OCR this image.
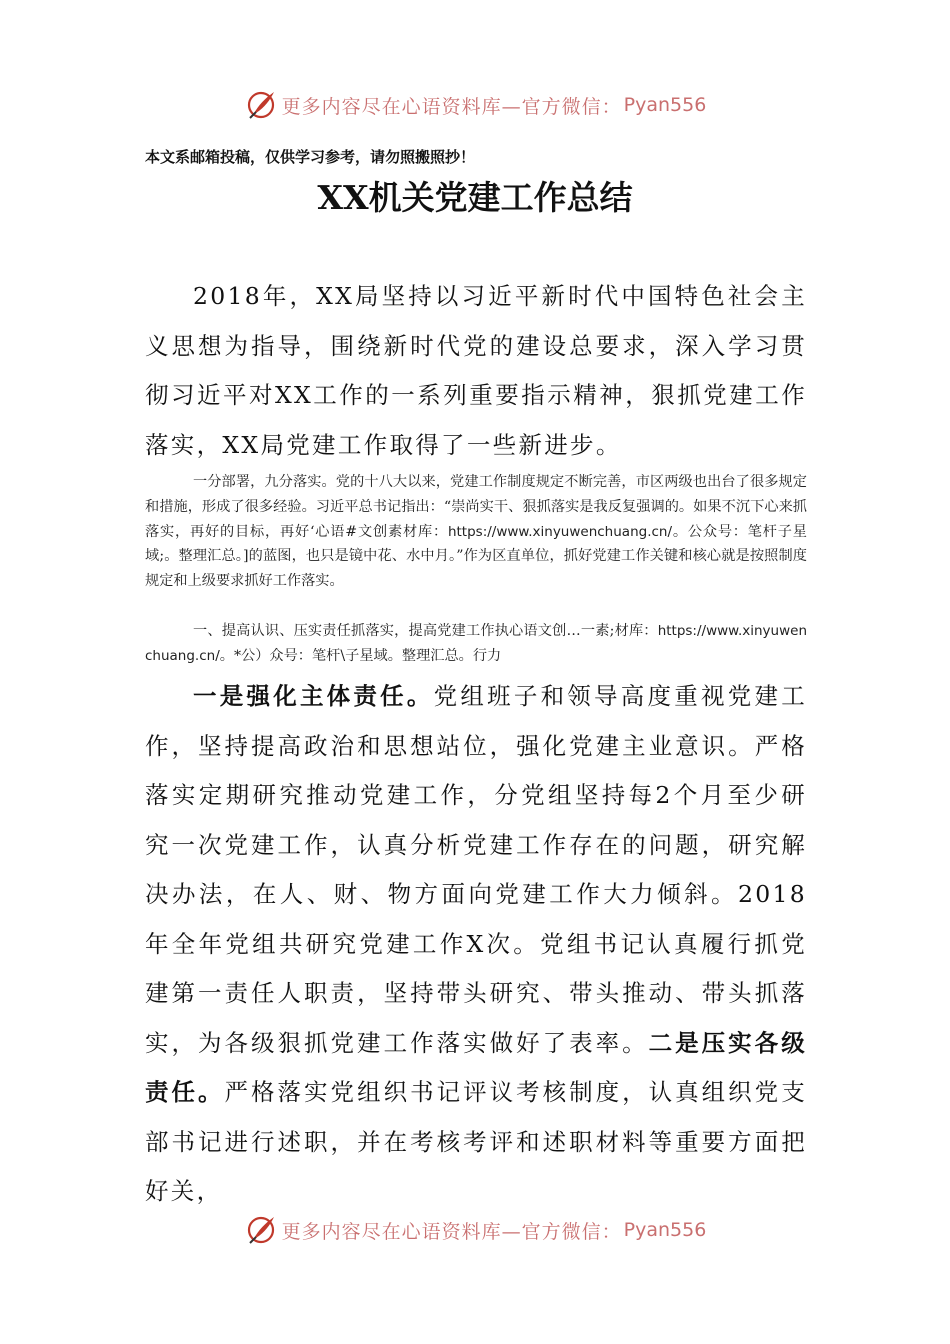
更多内容尽在心语资料库—官方微信： Pyan556

本文系邮箱投稿，仅供学习参考，请勿照搬照抄！

XX机关党建工作总结

2018年，XX局坚持以习近平新时代中国特色社会主义思想为指导，围绕新时代党的建设总要求，深入学习贯彻习近平对XX工作的一系列重要指示精神，狠抓党建工作落实，XX局党建工作取得了一些新进步。

一分部署，九分落实。党的十八大以来，党建工作制度规定不断完善，市区两级也出台了很多规定和措施，形成了很多经验。习近平总书记指出：“崇尚实干、狠抓落实是我反复强调的。如果不沉下心来抓落实，再好的目标，再好‘心语#文创素材库：https://www.xinyuwenchuang.cn/。公众号：笔杆子星域;。整理汇总。]的蓝图，也只是镜中花、水中月。”作为区直单位，抓好党建工作关键和核心就是按照制度规定和上级要求抓好工作落实。

一、提高认识、压实责任抓落实，提高党建工作执心语文创…一素;材库：https://www.xinyuwenchuang.cn/。*公）众号：笔杆\子星域。整理汇总。行力

一是强化主体责任。党组班子和领导高度重视党建工作，坚持提高政治和思想站位，强化党建主业意识。严格落实定期研究推动党建工作，分党组坚持每2个月至少研究一次党建工作，认真分析党建工作存在的问题，研究解决办法，在人、财、物方面向党建工作大力倾斜。2018年全年党组共研究党建工作X次。党组书记认真履行抓党建第一责任人职责，坚持带头研究、带头推动、带头抓落实，为各级狠抓党建工作落实做好了表率。二是压实各级责任。严格落实党组织书记评议考核制度，认真组织党支部书记进行述职，并在考核考评和述职材料等重要方面把好关，

更多内容尽在心语资料库—官方微信： Pyan556
